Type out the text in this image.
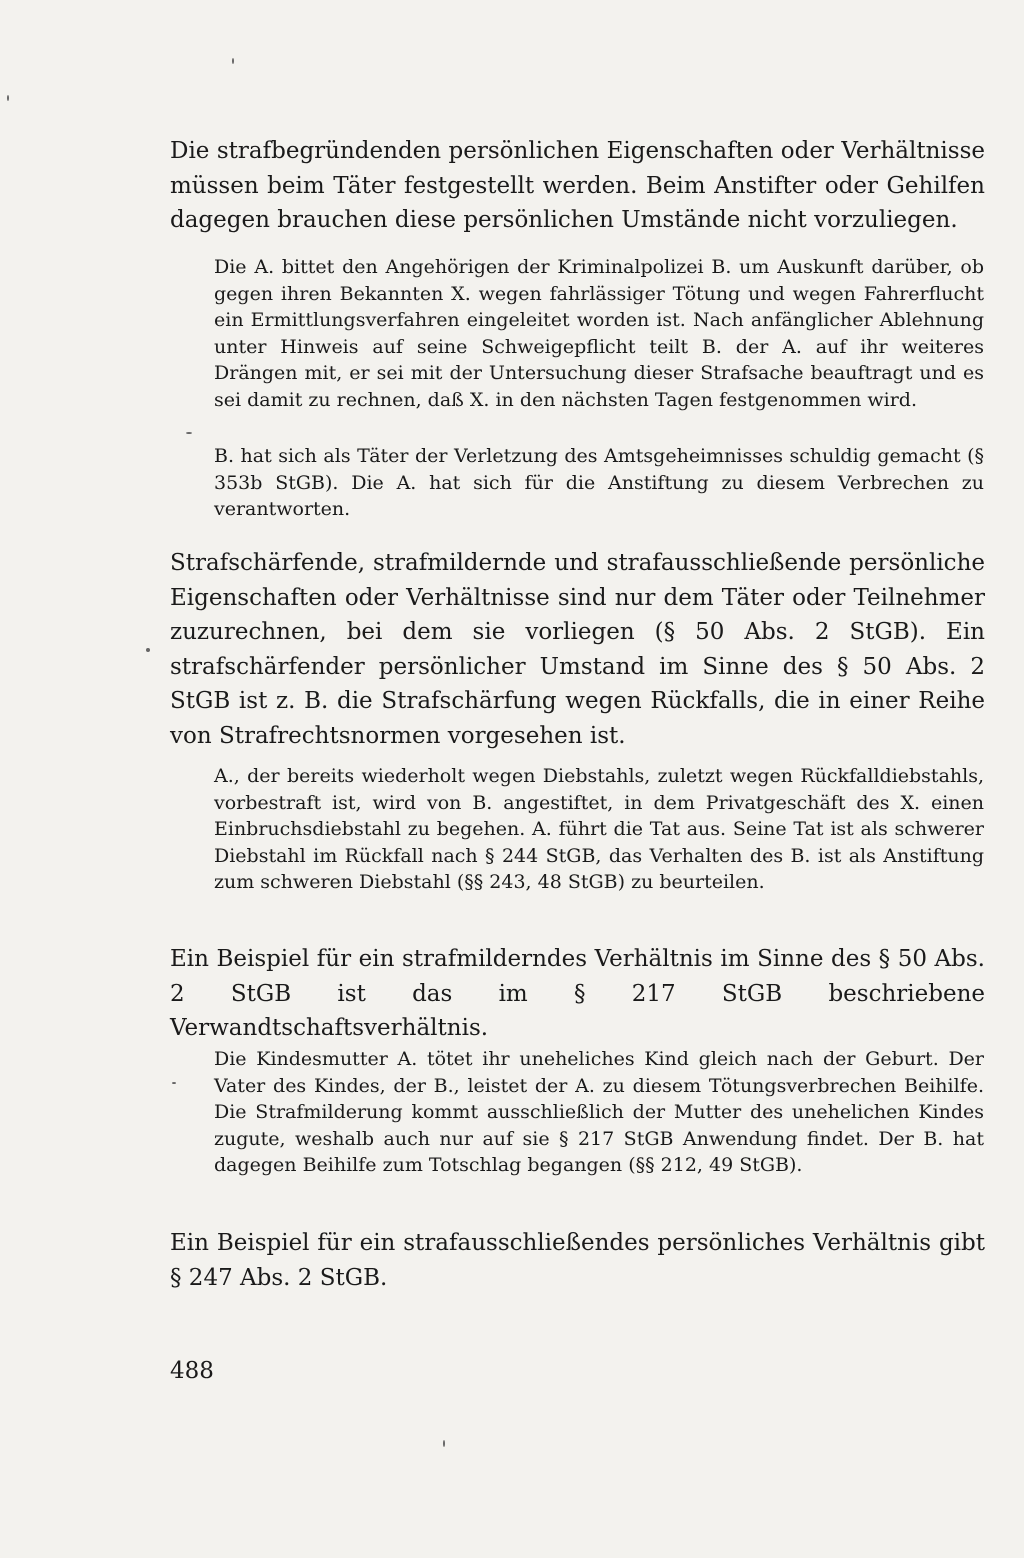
Die strafbegründenden persönlichen Eigenschaften oder Verhältnisse müssen beim Täter festgestellt werden. Beim Anstifter oder Gehilfen dagegen brauchen diese persönlichen Umstände nicht vorzuliegen.

Die A. bittet den Angehörigen der Kriminalpolizei B. um Auskunft darüber, ob gegen ihren Bekannten X. wegen fahrlässiger Tötung und wegen Fahrerflucht ein Ermittlungsverfahren eingeleitet worden ist. Nach anfänglicher Ablehnung unter Hinweis auf seine Schweigepflicht teilt B. der A. auf ihr weiteres Drängen mit, er sei mit der Untersuchung dieser Strafsache beauftragt und es sei damit zu rechnen, daß X. in den nächsten Tagen festgenommen wird.

B. hat sich als Täter der Verletzung des Amtsgeheimnisses schuldig gemacht (§ 353b StGB). Die A. hat sich für die Anstiftung zu diesem Verbrechen zu verantworten.

Strafschärfende, strafmildernde und strafausschließende persönliche Eigenschaften oder Verhältnisse sind nur dem Täter oder Teilnehmer zuzurechnen, bei dem sie vorliegen (§ 50 Abs. 2 StGB). Ein strafschärfender persönlicher Umstand im Sinne des § 50 Abs. 2 StGB ist z. B. die Strafschärfung wegen Rückfalls, die in einer Reihe von Strafrechtsnormen vorgesehen ist.

A., der bereits wiederholt wegen Diebstahls, zuletzt wegen Rückfalldiebstahls, vorbestraft ist, wird von B. angestiftet, in dem Privatgeschäft des X. einen Einbruchsdiebstahl zu begehen. A. führt die Tat aus. Seine Tat ist als schwerer Diebstahl im Rückfall nach § 244 StGB, das Verhalten des B. ist als Anstiftung zum schweren Diebstahl (§§ 243, 48 StGB) zu beurteilen.

Ein Beispiel für ein strafmilderndes Verhältnis im Sinne des § 50 Abs. 2 StGB ist das im § 217 StGB beschriebene Verwandtschaftsverhältnis.

Die Kindesmutter A. tötet ihr uneheliches Kind gleich nach der Geburt. Der Vater des Kindes, der B., leistet der A. zu diesem Tötungsverbrechen Beihilfe. Die Strafmilderung kommt ausschließlich der Mutter des unehelichen Kindes zugute, weshalb auch nur auf sie § 217 StGB Anwendung findet. Der B. hat dagegen Beihilfe zum Totschlag begangen (§§ 212, 49 StGB).

Ein Beispiel für ein strafausschließendes persönliches Verhältnis gibt § 247 Abs. 2 StGB.

488
